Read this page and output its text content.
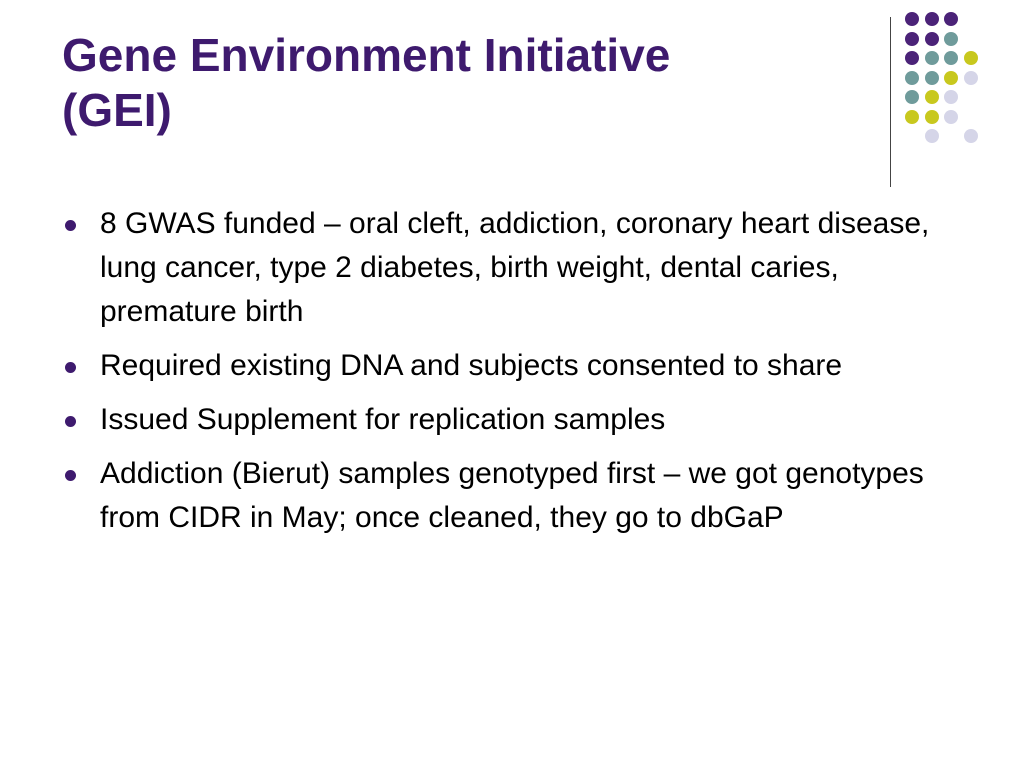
Gene Environment Initiative
(GEI)
8 GWAS funded – oral cleft, addiction, coronary heart disease, lung cancer, type 2 diabetes, birth weight, dental caries, premature birth
Required existing DNA and subjects consented to share
Issued Supplement for replication samples
Addiction (Bierut) samples genotyped first – we got genotypes from CIDR in May; once cleaned, they go to dbGaP
